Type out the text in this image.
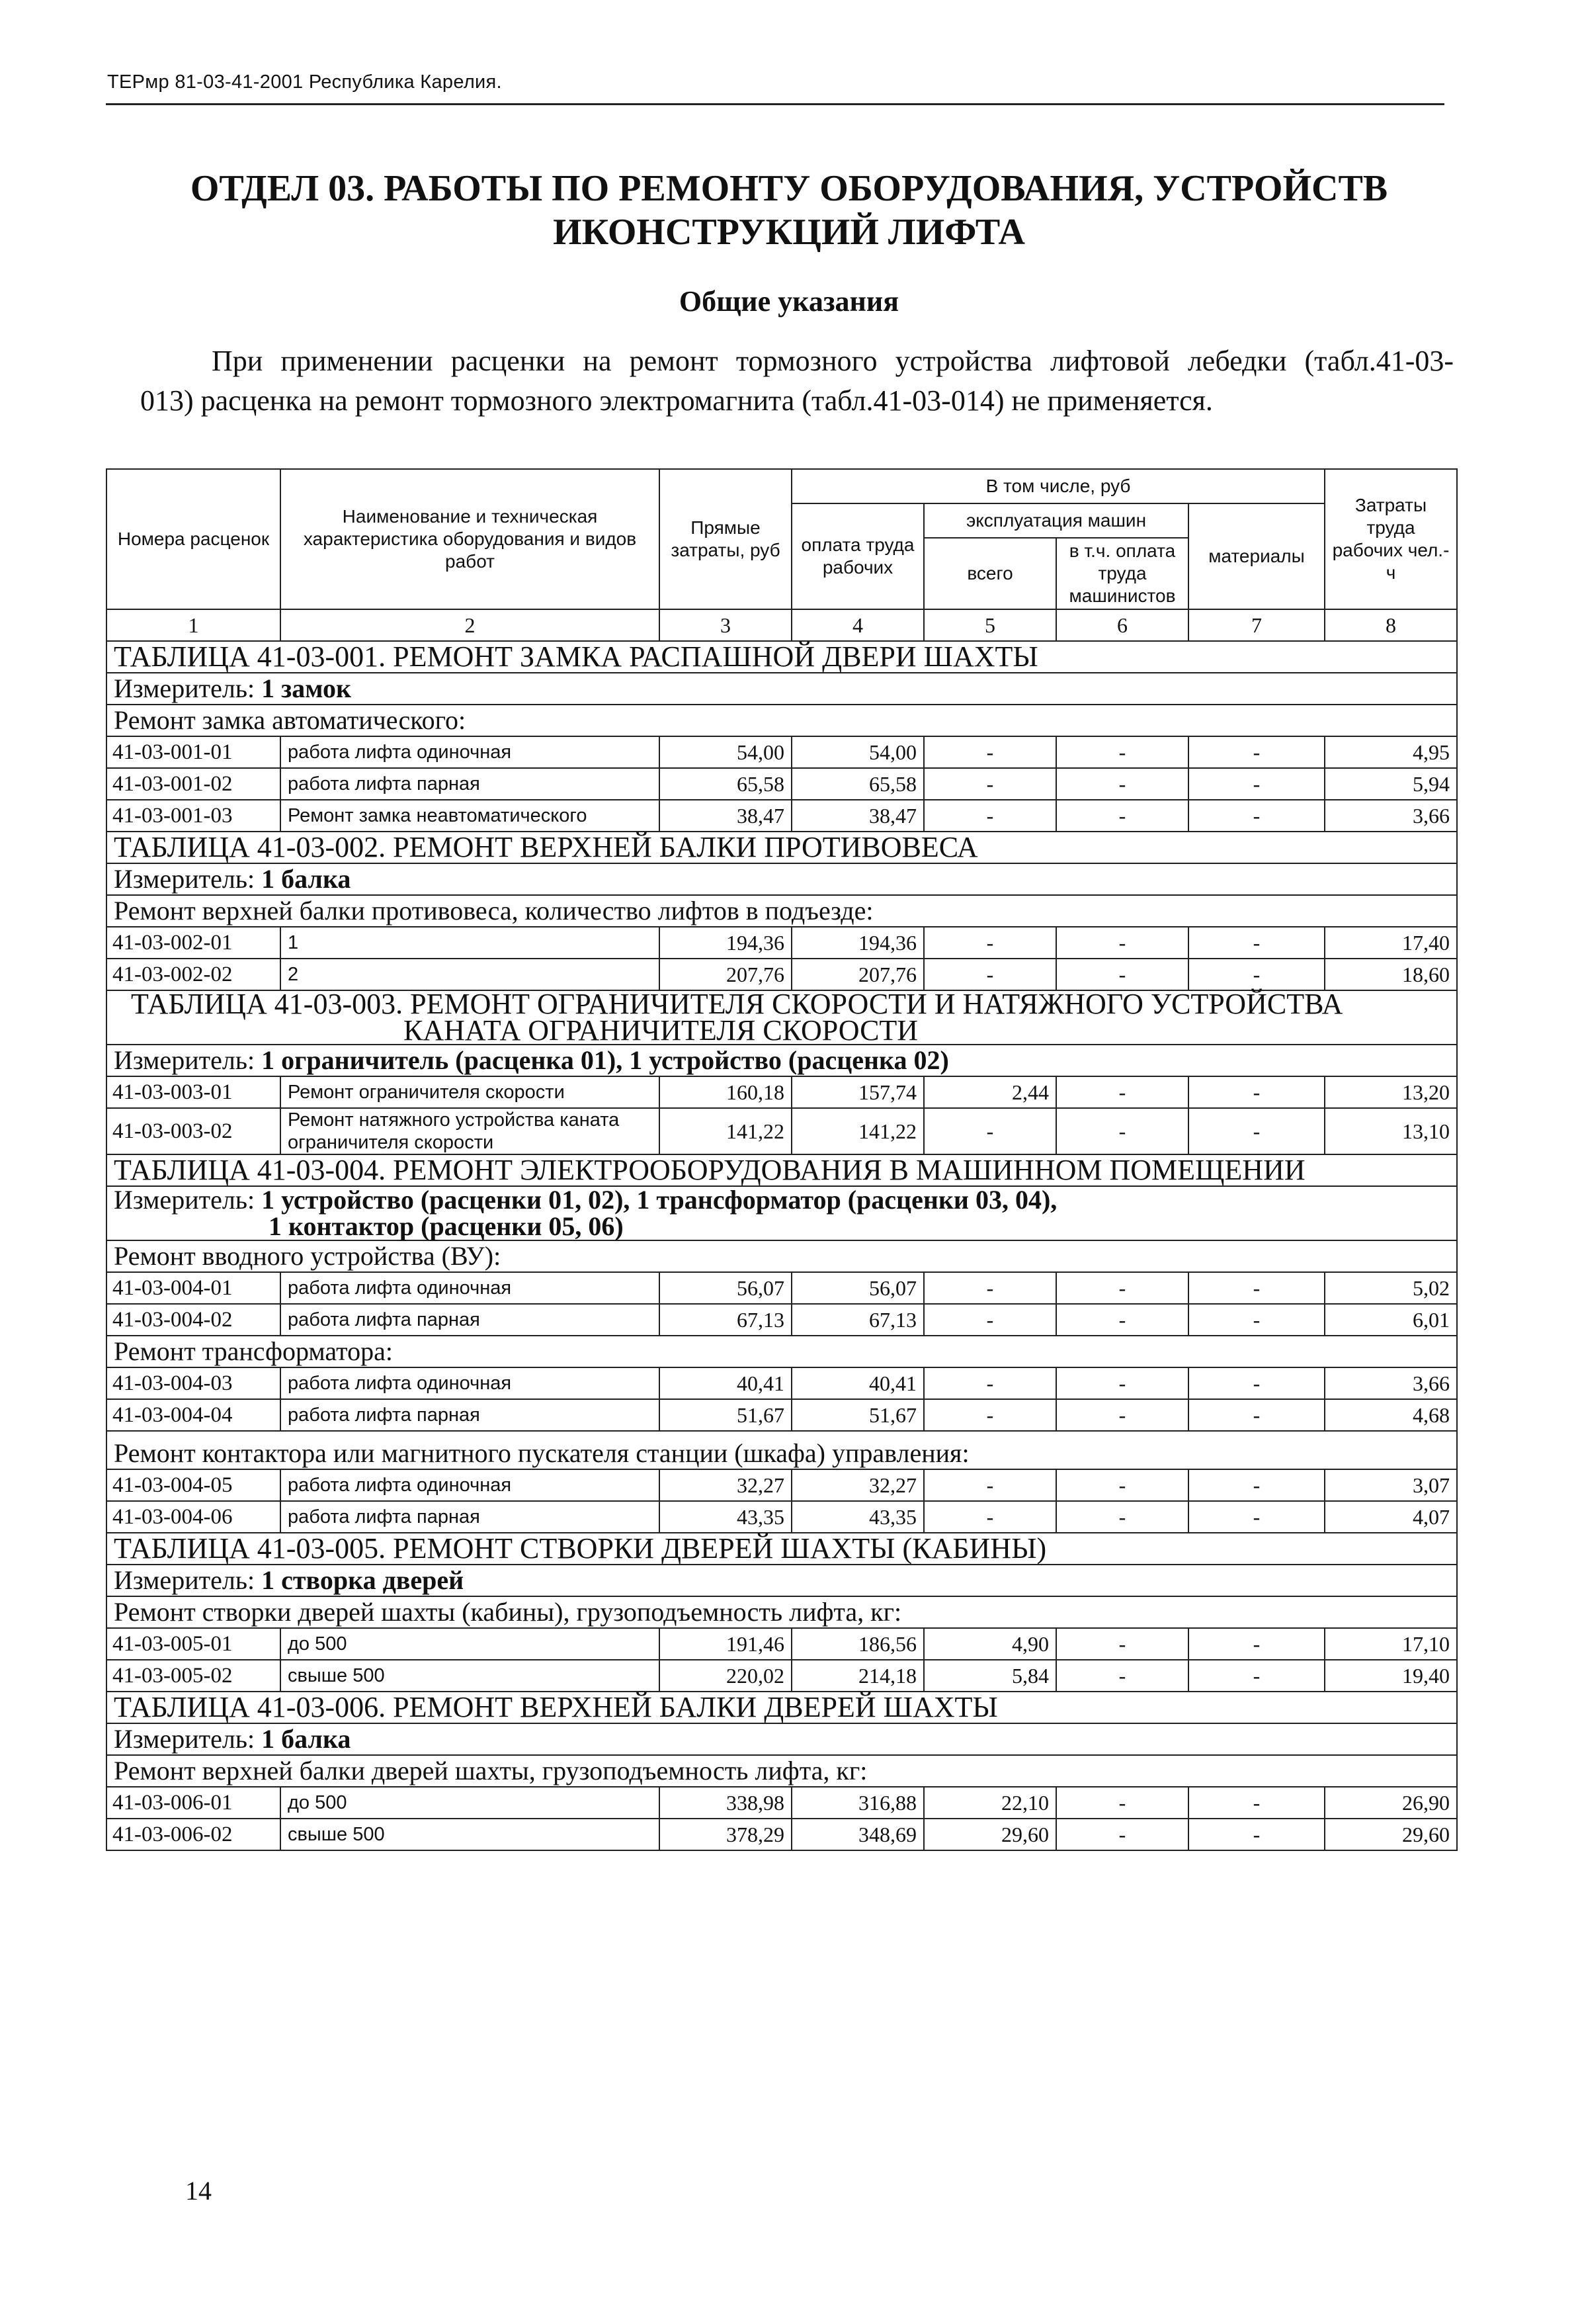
ТЕРмр 81-03-41-2001 Республика Карелия.
ОТДЕЛ 03. РАБОТЫ ПО РЕМОНТУ ОБОРУДОВАНИЯ, УСТРОЙСТВ
ИКОНСТРУКЦИЙ ЛИФТА
Общие указания
При применении расценки на ремонт тормозного устройства лифтовой лебедки (табл.41-03-
013) расценка на ремонт тормозного электромагнита (табл.41-03-014) не применяется.
Номера расценок	Наименование и техническая характеристика оборудования и видов работ	Прямые затраты, руб	В том числе, руб				Затраты труда рабочих чел.-ч
			оплата труда рабочих	эксплуатация машин		материалы	
				всего	в т.ч. оплата труда машинистов		
1	2	3	4	5	6	7	8
ТАБЛИЦА 41-03-001. РЕМОНТ ЗАМКА РАСПАШНОЙ ДВЕРИ ШАХТЫ							
Измеритель: 1 замок							
Ремонт замка автоматического:							
41-03-001-01	работа лифта одиночная	54,00	54,00	-	-	-	4,95
41-03-001-02	работа лифта парная	65,58	65,58	-	-	-	5,94
41-03-001-03	Ремонт замка неавтоматического	38,47	38,47	-	-	-	3,66
ТАБЛИЦА 41-03-002. РЕМОНТ ВЕРХНЕЙ БАЛКИ ПРОТИВОВЕСА							
Измеритель: 1 балка							
Ремонт верхней балки противовеса, количество лифтов в подъезде:							
41-03-002-01	1	194,36	194,36	-	-	-	17,40
41-03-002-02	2	207,76	207,76	-	-	-	18,60
ТАБЛИЦА 41-03-003. РЕМОНТ ОГРАНИЧИТЕЛЯ СКОРОСТИ И НАТЯЖНОГО УСТРОЙСТВА
КАНАТА ОГРАНИЧИТЕЛЯ СКОРОСТИ							

Измеритель: 1 ограничитель (расценка 01), 1 устройство (расценка 02)							
41-03-003-01	Ремонт ограничителя скорости	160,18	157,74	2,44	-	-	13,20
41-03-003-02	Ремонт натяжного устройства каната ограничителя скорости	141,22	141,22	-	-	-	13,10
ТАБЛИЦА 41-03-004. РЕМОНТ ЭЛЕКТРООБОРУДОВАНИЯ В МАШИННОМ ПОМЕЩЕНИИ							
Измеритель: 1 устройство (расценки 01, 02), 1 трансформатор (расценки 03, 04),
1 контактор (расценки 05, 06)							
Ремонт вводного устройства (ВУ):							
41-03-004-01	работа лифта одиночная	56,07	56,07	-	-	-	5,02
41-03-004-02	работа лифта парная	67,13	67,13	-	-	-	6,01
Ремонт трансформатора:							
41-03-004-03	работа лифта одиночная	40,41	40,41	-	-	-	3,66
41-03-004-04	работа лифта парная	51,67	51,67	-	-	-	4,68
Ремонт контактора или магнитного пускателя станции (шкафа) управления:							
41-03-004-05	работа лифта одиночная	32,27	32,27	-	-	-	3,07
41-03-004-06	работа лифта парная	43,35	43,35	-	-	-	4,07
ТАБЛИЦА 41-03-005. РЕМОНТ СТВОРКИ ДВЕРЕЙ ШАХТЫ (КАБИНЫ)							
Измеритель: 1 створка дверей							
Ремонт створки дверей шахты (кабины), грузоподъемность лифта, кг:							
41-03-005-01	до 500	191,46	186,56	4,90	-	-	17,10
41-03-005-02	свыше 500	220,02	214,18	5,84	-	-	19,40
ТАБЛИЦА 41-03-006. РЕМОНТ ВЕРХНЕЙ БАЛКИ ДВЕРЕЙ ШАХТЫ							
Измеритель: 1 балка							
Ремонт верхней балки дверей шахты, грузоподъемность лифта, кг:							
41-03-006-01	до 500	338,98	316,88	22,10	-	-	26,90
41-03-006-02	свыше 500	378,29	348,69	29,60	-	-	29,60
14
